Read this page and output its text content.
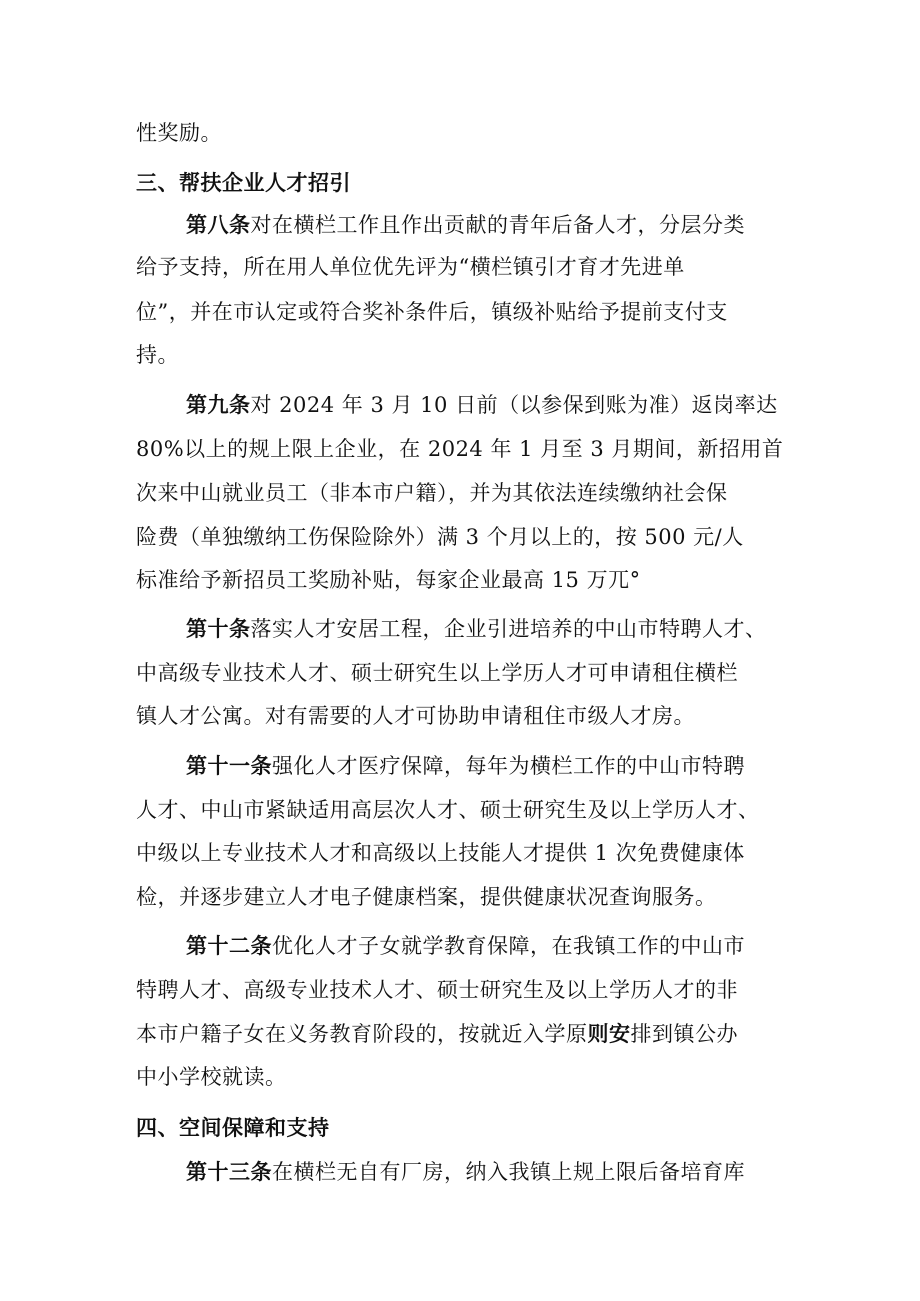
性奖励。
三、帮扶企业人才招引
第八条对在横栏工作且作出贡献的青年后备人才，分层分类
给予支持，所在用人单位优先评为“横栏镇引才育才先进单
位”，并在市认定或符合奖补条件后，镇级补贴给予提前支付支
持。
第九条对 2024 年 3 月 10 日前（以参保到账为准）返岗率达
80%以上的规上限上企业，在 2024 年 1 月至 3 月期间，新招用首
次来中山就业员工（非本市户籍），并为其依法连续缴纳社会保
险费（单独缴纳工伤保险除外）满 3 个月以上的，按 500 元/人
标准给予新招员工奖励补贴，每家企业最高 15 万兀°
第十条落实人才安居工程，企业引进培养的中山市特聘人才、
中高级专业技术人才、硕士研究生以上学历人才可申请租住横栏
镇人才公寓。对有需要的人才可协助申请租住市级人才房。
第十一条强化人才医疗保障，每年为横栏工作的中山市特聘
人才、中山市紧缺适用高层次人才、硕士研究生及以上学历人才、
中级以上专业技术人才和高级以上技能人才提供 1 次免费健康体
检，并逐步建立人才电子健康档案，提供健康状况查询服务。
第十二条优化人才子女就学教育保障，在我镇工作的中山市
特聘人才、高级专业技术人才、硕士研究生及以上学历人才的非
本市户籍子女在义务教育阶段的，按就近入学原则安排到镇公办
中小学校就读。
四、空间保障和支持
第十三条在横栏无自有厂房，纳入我镇上规上限后备培育库
